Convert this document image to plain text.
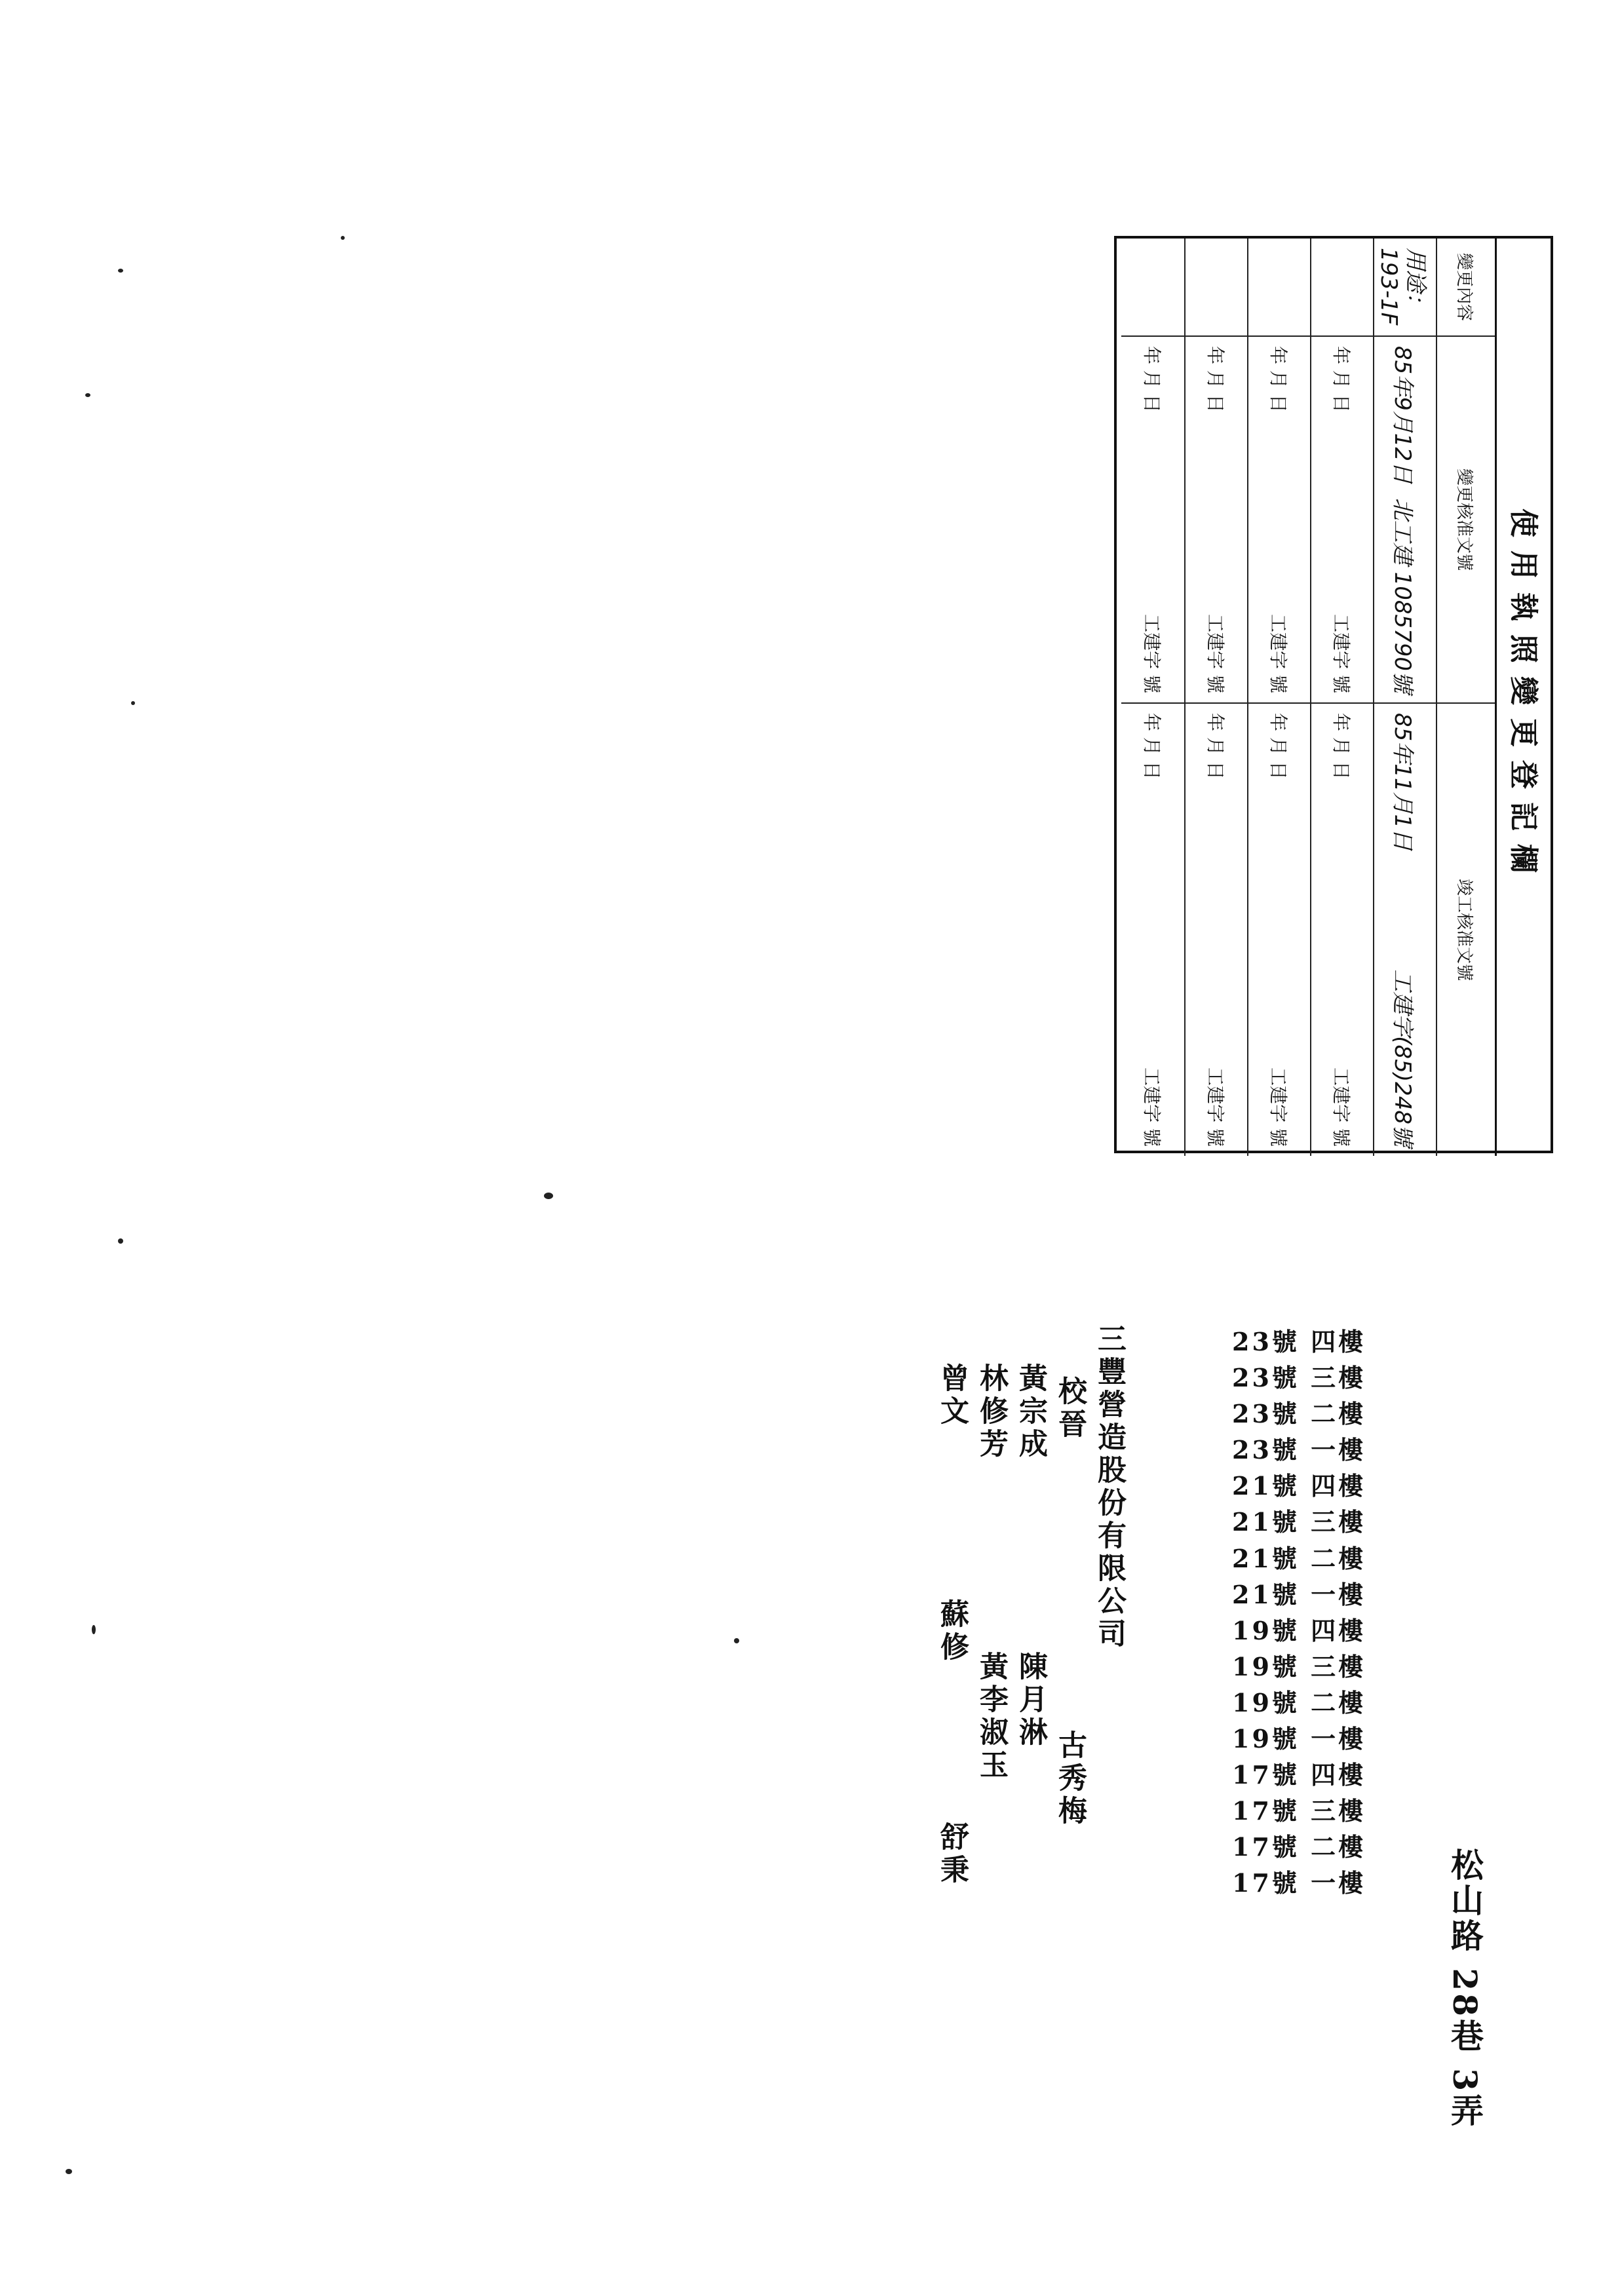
使用執照變更登記欄
變更內容
變更核准文號
竣工核准文號
用途：193-1F
85年9月12日
北工建 1085790號
85年11月1日
工建字(85)248號
年 月 日
工建字 號
年 月 日
工建字 號
年 月 日
工建字 號
年 月 日
工建字 號
年 月 日
工建字 號
年 月 日
工建字 號
年 月 日
工建字 號
年 月 日
工建字 號
松山路 28巷 3弄
23號 四樓
23號 三樓
23號 二樓
23號 一樓
21號 四樓
21號 三樓
21號 二樓
21號 一樓
19號 四樓
19號 三樓
19號 二樓
19號 一樓
17號 四樓
17號 三樓
17號 二樓
17號 一樓
三豐營造股份有限公司
古秀梅
校晉
黃宗成
陳月淋
林修芳
黃李淑玉
曾文
蘇修
舒秉
